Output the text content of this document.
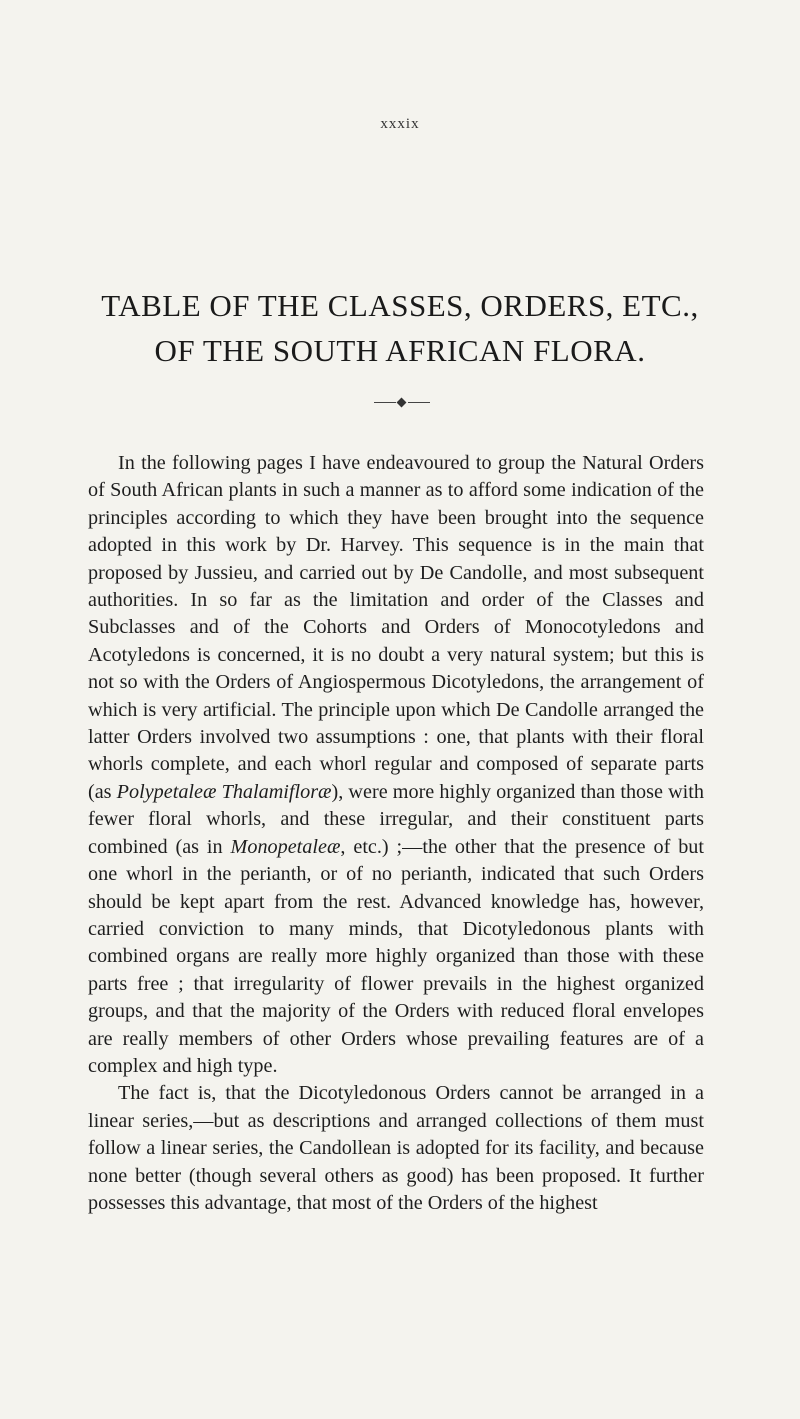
xxxix
TABLE OF THE CLASSES, ORDERS, ETC.,
OF THE SOUTH AFRICAN FLORA.

In the following pages I have endeavoured to group the Natural Orders of South African plants in such a manner as to afford some indication of the principles according to which they have been brought into the sequence adopted in this work by Dr. Harvey. This sequence is in the main that proposed by Jussieu, and carried out by De Candolle, and most subsequent authorities. In so far as the limitation and order of the Classes and Subclasses and of the Cohorts and Orders of Monocotyledons and Acotyledons is concerned, it is no doubt a very natural system; but this is not so with the Orders of Angiospermous Dicotyledons, the arrangement of which is very artificial. The principle upon which De Candolle arranged the latter Orders involved two assumptions : one, that plants with their floral whorls complete, and each whorl regular and composed of separate parts (as Polypetaleæ Thalamifloræ), were more highly organized than those with fewer floral whorls, and these irregular, and their constituent parts combined (as in Monopetaleæ, etc.) ;—the other that the presence of but one whorl in the perianth, or of no perianth, indicated that such Orders should be kept apart from the rest. Advanced knowledge has, however, carried conviction to many minds, that Dicotyledonous plants with combined organs are really more highly organized than those with these parts free ; that irregularity of flower prevails in the highest organized groups, and that the majority of the Orders with reduced floral envelopes are really members of other Orders whose prevailing features are of a complex and high type.

The fact is, that the Dicotyledonous Orders cannot be arranged in a linear series,—but as descriptions and arranged collections of them must follow a linear series, the Candollean is adopted for its facility, and because none better (though several others as good) has been proposed. It further possesses this advantage, that most of the Orders of the highest
